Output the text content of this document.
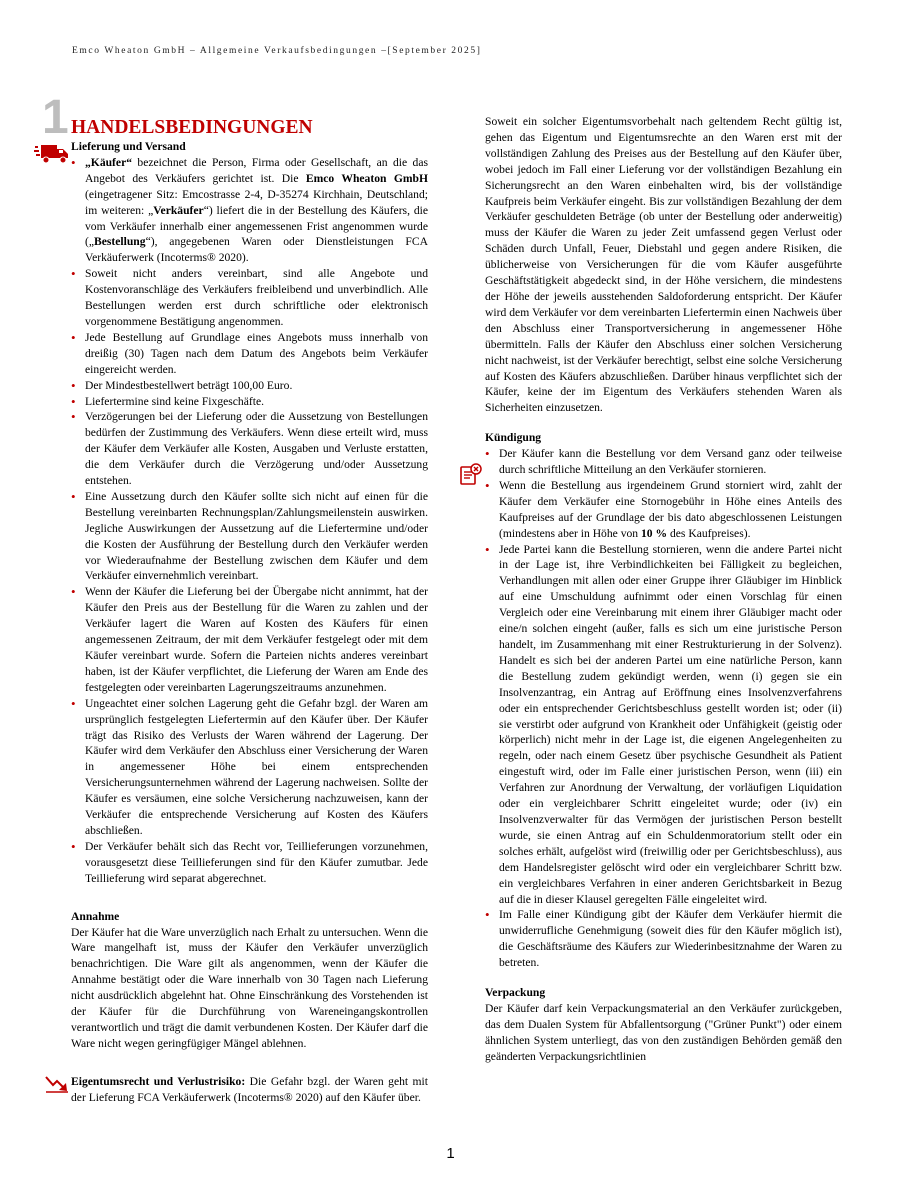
Emco Wheaton GmbH – Allgemeine Verkaufsbedingungen –[September 2025]
1 HANDELSBEDINGUNGEN

Lieferung und Versand

• „Käufer“ bezeichnet die Person, Firma oder Gesellschaft, an die das Angebot des Verkäufers gerichtet ist. Die Emco Wheaton GmbH (eingetragener Sitz: Emcostrasse 2-4, D-35274 Kirchhain, Deutschland; im weiteren: „Verkäufer“) liefert die in der Bestellung des Käufers, die vom Verkäufer innerhalb einer angemessenen Frist angenommen wurde („Bestellung“), angegebenen Waren oder Dienstleistungen FCA Verkäuferwerk (Incoterms® 2020).
• Soweit nicht anders vereinbart, sind alle Angebote und Kostenvoranschläge des Verkäufers freibleibend und unverbindlich. Alle Bestellungen werden erst durch schriftliche oder elektronisch vorgenommene Bestätigung angenommen.
• Jede Bestellung auf Grundlage eines Angebots muss innerhalb von dreißig (30) Tagen nach dem Datum des Angebots beim Verkäufer eingereicht werden.
• Der Mindestbestellwert beträgt 100,00 Euro.
• Liefertermine sind keine Fixgeschäfte.
• Verzögerungen bei der Lieferung oder die Aussetzung von Bestellungen bedürfen der Zustimmung des Verkäufers. Wenn diese erteilt wird, muss der Käufer dem Verkäufer alle Kosten, Ausgaben und Verluste erstatten, die dem Verkäufer durch die Verzögerung und/oder Aussetzung entstehen.
• Eine Aussetzung durch den Käufer sollte sich nicht auf einen für die Bestellung vereinbarten Rechnungsplan/Zahlungsmeilenstein auswirken. Jegliche Auswirkungen der Aussetzung auf die Liefertermine und/oder die Kosten der Ausführung der Bestellung durch den Verkäufer werden vor Wiederaufnahme der Bestellung zwischen dem Käufer und dem Verkäufer einvernehmlich vereinbart.
• Wenn der Käufer die Lieferung bei der Übergabe nicht annimmt, hat der Käufer den Preis aus der Bestellung für die Waren zu zahlen und der Verkäufer lagert die Waren auf Kosten des Käufers für einen angemessenen Zeitraum, der mit dem Verkäufer festgelegt oder mit dem Käufer vereinbart wurde. Sofern die Parteien nichts anderes vereinbart haben, ist der Käufer verpflichtet, die Lieferung der Waren am Ende des festgelegten oder vereinbarten Lagerungszeitraums anzunehmen.
• Ungeachtet einer solchen Lagerung geht die Gefahr bzgl. der Waren am ursprünglich festgelegten Liefertermin auf den Käufer über. Der Käufer trägt das Risiko des Verlusts der Waren während der Lagerung. Der Käufer wird dem Verkäufer den Abschluss einer Versicherung der Waren in angemessener Höhe bei einem entsprechenden Versicherungsunternehmen während der Lagerung nachweisen. Sollte der Käufer es versäumen, eine solche Versicherung nachzuweisen, kann der Verkäufer die entsprechende Versicherung auf Kosten des Käufers abschließen.
• Der Verkäufer behält sich das Recht vor, Teillieferungen vorzunehmen, vorausgesetzt diese Teillieferungen sind für den Käufer zumutbar. Jede Teillieferung wird separat abgerechnet.

Annahme

Der Käufer hat die Ware unverzüglich nach Erhalt zu untersuchen. Wenn die Ware mangelhaft ist, muss der Käufer den Verkäufer unverzüglich benachrichtigen. Die Ware gilt als angenommen, wenn der Käufer die Annahme bestätigt oder die Ware innerhalb von 30 Tagen nach Lieferung nicht ausdrücklich abgelehnt hat. Ohne Einschränkung des Vorstehenden ist der Käufer für die Durchführung von Wareneingangskontrollen verantwortlich und trägt die damit verbundenen Kosten. Der Käufer darf die Ware nicht wegen geringfügiger Mängel ablehnen.

Eigentumsrecht und Verlustrisiko: Die Gefahr bzgl. der Waren geht mit der Lieferung FCA Verkäuferwerk (Incoterms® 2020) auf den Käufer über.

Soweit ein solcher Eigentumsvorbehalt nach geltendem Recht gültig ist, gehen das Eigentum und Eigentumsrechte an den Waren erst mit der vollständigen Zahlung des Preises aus der Bestellung auf den Käufer über, wobei jedoch im Fall einer Lieferung vor der vollständigen Bezahlung ein Sicherungsrecht an den Waren einbehalten wird, bis der vollständige Kaufpreis beim Verkäufer eingeht. Bis zur vollständigen Bezahlung der dem Verkäufer geschuldeten Beträge (ob unter der Bestellung oder anderweitig) muss der Käufer die Waren zu jeder Zeit umfassend gegen Verlust oder Schäden durch Unfall, Feuer, Diebstahl und gegen andere Risiken, die üblicherweise von Versicherungen für die vom Käufer ausgeführte Geschäftstätigkeit abgedeckt sind, in der Höhe versichern, die mindestens der Höhe der jeweils ausstehenden Saldoforderung entspricht. Der Käufer wird dem Verkäufer vor dem vereinbarten Liefertermin einen Nachweis über den Abschluss einer Transportversicherung in angemessener Höhe übermitteln. Falls der Käufer den Abschluss einer solchen Versicherung nicht nachweist, ist der Verkäufer berechtigt, selbst eine solche Versicherung auf Kosten des Käufers abzuschließen. Darüber hinaus verpflichtet sich der Käufer, keine der im Eigentum des Verkäufers stehenden Waren als Sicherheiten einzusetzen.

Kündigung

• Der Käufer kann die Bestellung vor dem Versand ganz oder teilweise durch schriftliche Mitteilung an den Verkäufer stornieren.
• Wenn die Bestellung aus irgendeinem Grund storniert wird, zahlt der Käufer dem Verkäufer eine Stornogebühr in Höhe eines Anteils des Kaufpreises auf der Grundlage der bis dato abgeschlossenen Leistungen (mindestens aber in Höhe von 10 % des Kaufpreises).
• Jede Partei kann die Bestellung stornieren, wenn die andere Partei nicht in der Lage ist, ihre Verbindlichkeiten bei Fälligkeit zu begleichen, Verhandlungen mit allen oder einer Gruppe ihrer Gläubiger im Hinblick auf eine Umschuldung aufnimmt oder einen Vorschlag für einen Vergleich oder eine Vereinbarung mit einem ihrer Gläubiger macht oder eine/n solchen eingeht (außer, falls es sich um eine juristische Person handelt, im Zusammenhang mit einer Restrukturierung in der Solvenz). Handelt es sich bei der anderen Partei um eine natürliche Person, kann die Bestellung zudem gekündigt werden, wenn (i) gegen sie ein Insolvenzantrag, ein Antrag auf Eröffnung eines Insolvenzverfahrens oder ein entsprechender Gerichtsbeschluss gestellt worden ist; oder (ii) sie verstirbt oder aufgrund von Krankheit oder Unfähigkeit (geistig oder körperlich) nicht mehr in der Lage ist, die eigenen Angelegenheiten zu regeln, oder nach einem Gesetz über psychische Gesundheit als Patient eingestuft wird, oder im Falle einer juristischen Person, wenn (iii) ein Verfahren zur Anordnung der Verwaltung, der vorläufigen Liquidation oder ein vergleichbarer Schritt eingeleitet wurde; oder (iv) ein Insolvenzverwalter für das Vermögen der juristischen Person bestellt wurde, sie einen Antrag auf ein Schuldenmoratorium stellt oder ein solches erhält, aufgelöst wird (freiwillig oder per Gerichtsbeschluss), aus dem Handelsregister gelöscht wird oder ein vergleichbarer Schritt bzw. ein vergleichbares Verfahren in einer anderen Gerichtsbarkeit in Bezug auf die in dieser Klausel geregelten Fälle eingeleitet wird.
• Im Falle einer Kündigung gibt der Käufer dem Verkäufer hiermit die unwiderrufliche Genehmigung (soweit dies für den Käufer möglich ist), die Geschäftsräume des Käufers zur Wiederinbesitznahme der Waren zu betreten.

Verpackung

Der Käufer darf kein Verpackungsmaterial an den Verkäufer zurückgeben, das dem Dualen System für Abfallentsorgung ("Grüner Punkt") oder einem ähnlichen System unterliegt, das von den zuständigen Behörden gemäß den geänderten Verpackungsrichtlinien

1
